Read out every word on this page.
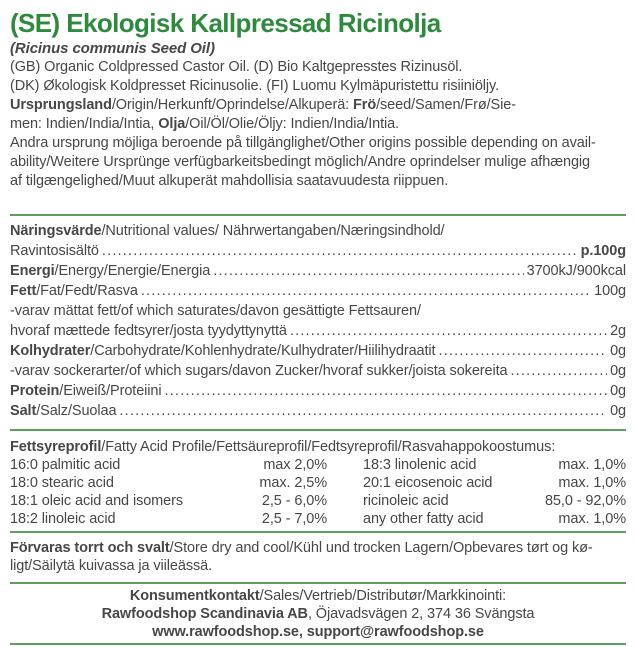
(SE) Ekologisk Kallpressad Ricinolja
(Ricinus communis Seed Oil)
(GB) Organic Coldpressed Castor Oil. (D) Bio Kaltgepresstes Rizinusöl.
(DK) Økologisk Koldpresset Ricinusolie. (FI) Luomu Kylmäpuristettu risiiniöljy.
Ursprungsland/Origin/Herkunft/Oprindelse/Alkuperä: Frö/seed/Samen/Frø/Sie-
men: Indien/India/Intia, Olja/Oil/Öl/Olie/Öljy: Indien/India/Intia.
Andra ursprung möjliga beroende på tillgänglighet/Other origins possible depending on avail-
ability/Weitere Ursprünge verfügbarkeitsbedingt möglich/Andre oprindelser mulige afhængig
af tilgængelighed/Muut alkuperät mahdollisia saatavuudesta riippuen.
Näringsvärde/Nutritional values/ Nährwertangaben/Næringsindhold/
Ravintosisältö .....	p.100g
Energi/Energy/Energie/Energia .....	3700kJ/900kcal
Fett/Fat/Fedt/Rasva .....	100g
-varav mättat fett/of which saturates/davon gesättigte Fettsauren/
hvoraf mættede fedtsyrer/josta tyydyttynyttä .....	2g
Kolhydrater/Carbohydrate/Kohlenhydrate/Kulhydrater/Hiilihydraatit .....	0g
-varav sockerarter/of which sugars/davon Zucker/hvoraf sukker/joista sokereita .....	0g
Protein/Eiweiß/Proteiini .....	0g
Salt/Salz/Suolaa .....	0g
Fettsyreprofil/Fatty Acid Profile/Fettsäureprofil/Fedtsyreprofil/Rasvahappokoostumus:
16:0 palmitic acid	max 2,0%	18:3 linolenic acid	max. 1,0%
18:0 stearic acid	max. 2,5%	20:1 eicosenoic acid	max. 1,0%
18:1 oleic acid and isomers	2,5 - 6,0%	ricinoleic acid	85,0 - 92,0%
18:2 linoleic acid	2,5 - 7,0%	any other fatty acid	max. 1,0%
Förvaras torrt och svalt/Store dry and cool/Kühl und trocken Lagern/Opbevares tørt og kø-
ligt/Säilytä kuivassa ja viileässä.
Konsumentkontakt/Sales/Vertrieb/Distributør/Markkinointi:
Rawfoodshop Scandinavia AB, Öjavadsvägen 2, 374 36 Svängsta
www.rawfoodshop.se, support@rawfoodshop.se
